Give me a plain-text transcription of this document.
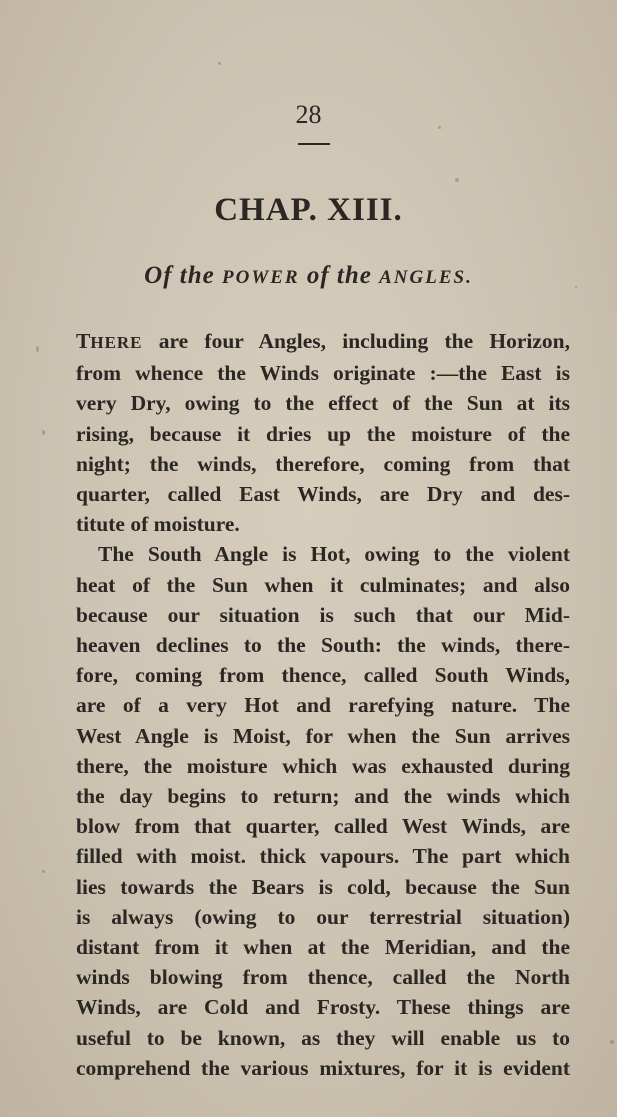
28
CHAP. XIII.
Of the POWER of the ANGLES.
THERE are four Angles, including the Horizon,
from whence the Winds originate :—the East is
very Dry, owing to the effect of the Sun at its
rising, because it dries up the moisture of the
night; the winds, therefore, coming from that
quarter, called East Winds, are Dry and des-
titute of moisture.
The South Angle is Hot, owing to the violent
heat of the Sun when it culminates; and also
because our situation is such that our Mid-
heaven declines to the South: the winds, there-
fore, coming from thence, called South Winds,
are of a very Hot and rarefying nature. The
West Angle is Moist, for when the Sun arrives
there, the moisture which was exhausted during
the day begins to return; and the winds which
blow from that quarter, called West Winds, are
filled with moist. thick vapours. The part which
lies towards the Bears is cold, because the Sun
is always (owing to our terrestrial situation)
distant from it when at the Meridian, and the
winds blowing from thence, called the North
Winds, are Cold and Frosty. These things are
useful to be known, as they will enable us to
comprehend the various mixtures, for it is evident
